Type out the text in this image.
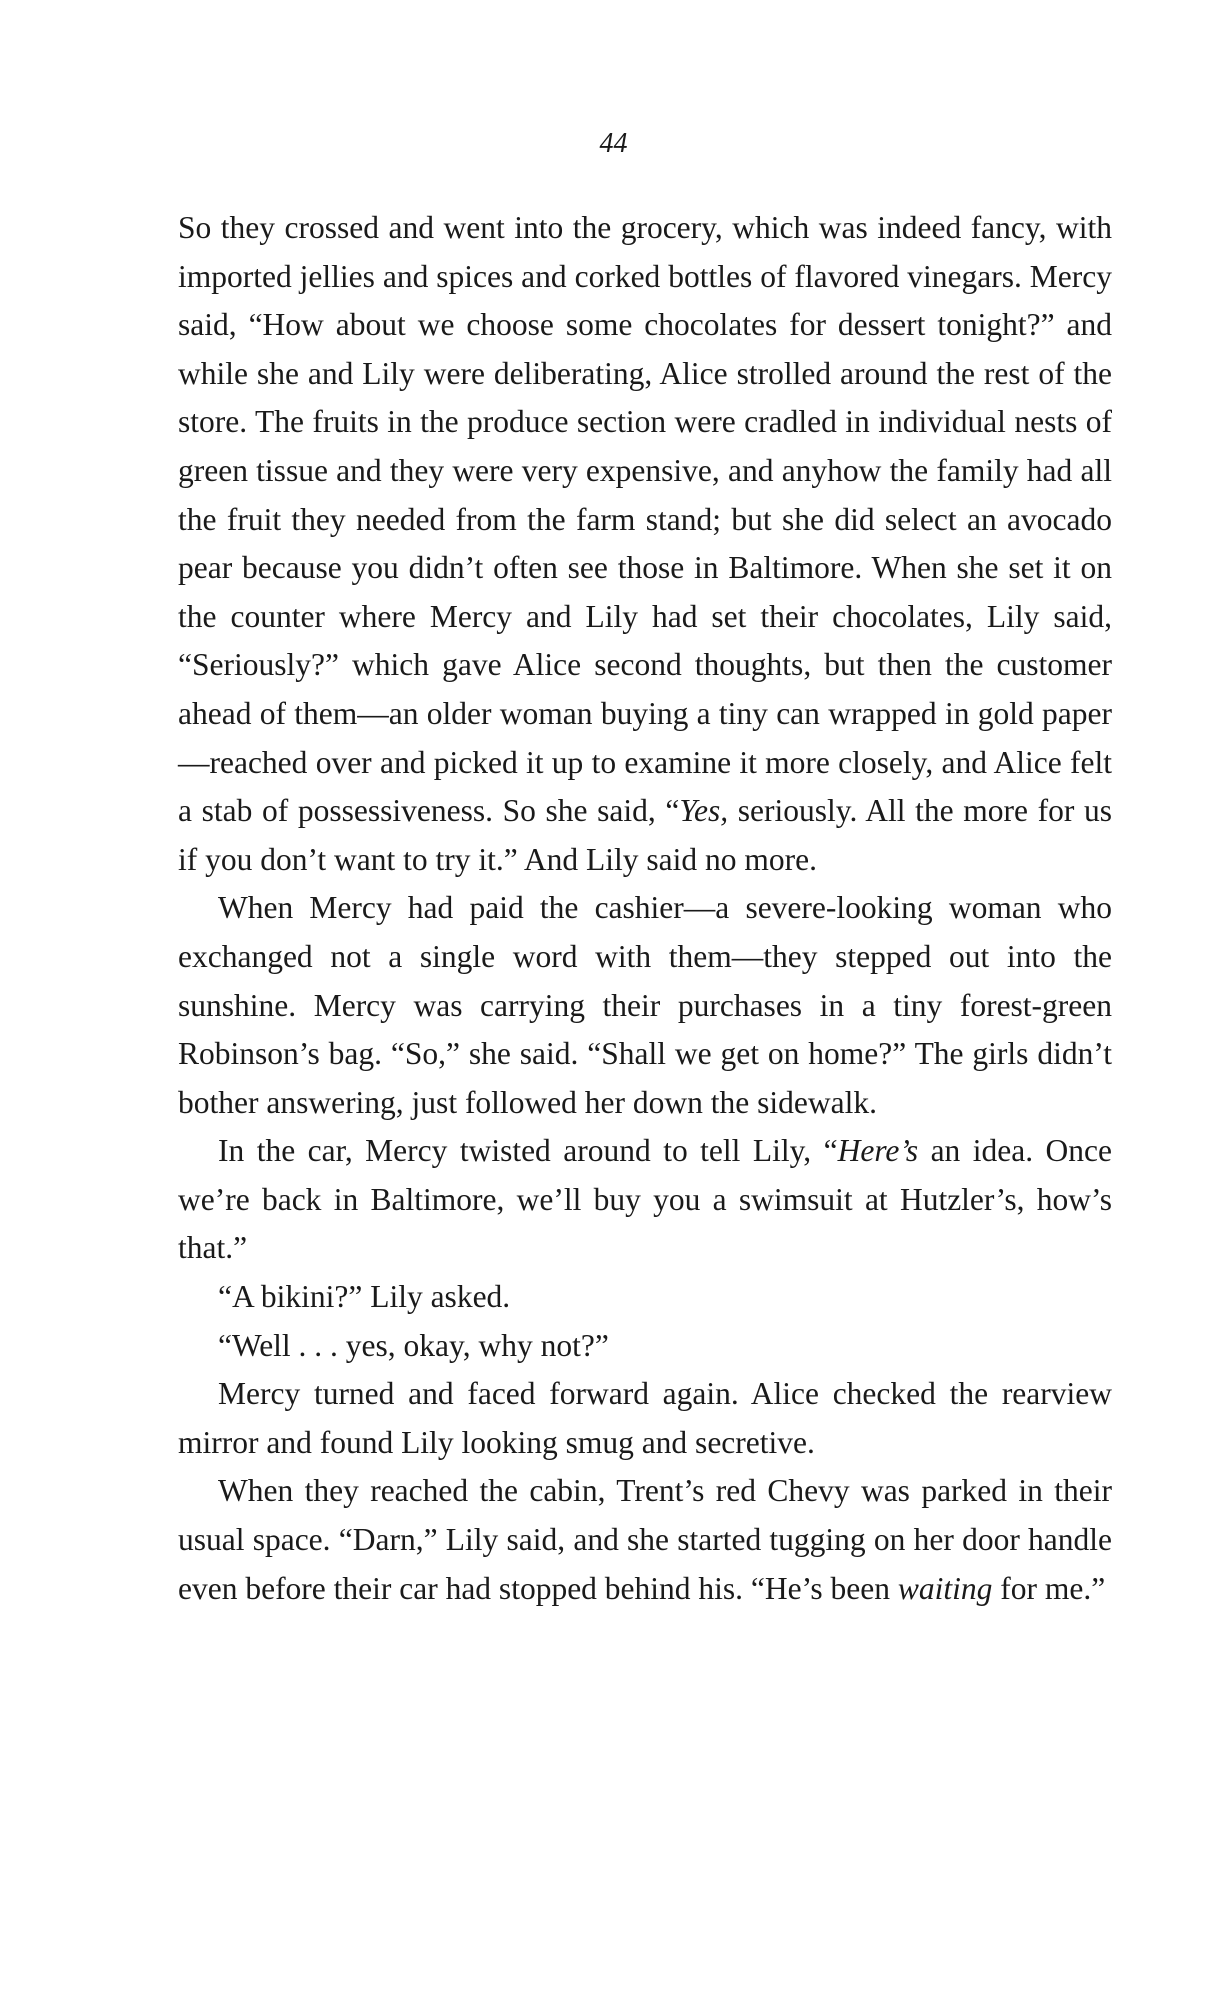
44

So they crossed and went into the grocery, which was indeed fancy, with imported jellies and spices and corked bottles of flavored vinegars. Mercy said, “How about we choose some chocolates for dessert tonight?” and while she and Lily were deliberating, Alice strolled around the rest of the store. The fruits in the produce section were cradled in individual nests of green tissue and they were very expensive, and anyhow the family had all the fruit they needed from the farm stand; but she did select an avocado pear because you didn’t often see those in Baltimore. When she set it on the counter where Mercy and Lily had set their chocolates, Lily said, “Seriously?” which gave Alice second thoughts, but then the customer ahead of them—an older woman buying a tiny can wrapped in gold paper—reached over and picked it up to examine it more closely, and Alice felt a stab of possessiveness. So she said, “Yes, seriously. All the more for us if you don’t want to try it.” And Lily said no more.

When Mercy had paid the cashier—a severe-looking woman who exchanged not a single word with them—they stepped out into the sunshine. Mercy was carrying their purchases in a tiny forest-green Robinson’s bag. “So,” she said. “Shall we get on home?” The girls didn’t bother answering, just followed her down the sidewalk.

In the car, Mercy twisted around to tell Lily, “Here’s an idea. Once we’re back in Baltimore, we’ll buy you a swimsuit at Hutzler’s, how’s that.”

“A bikini?” Lily asked.

“Well . . . yes, okay, why not?”

Mercy turned and faced forward again. Alice checked the rearview mirror and found Lily looking smug and secretive.

When they reached the cabin, Trent’s red Chevy was parked in their usual space. “Darn,” Lily said, and she started tugging on her door handle even before their car had stopped behind his. “He’s been waiting for me.”
